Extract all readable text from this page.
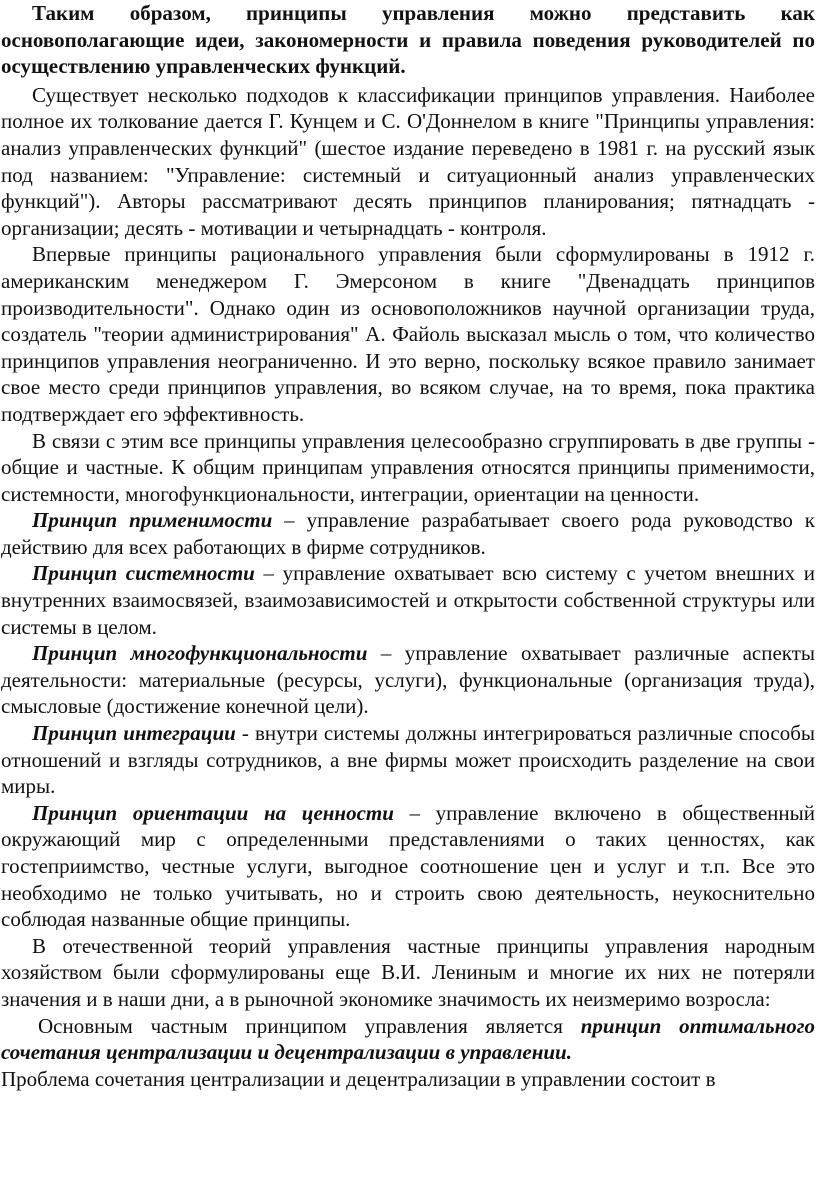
Таким образом, принципы управления можно представить как основополагающие идеи, закономерности и правила поведения руководителей по осуществлению управленческих функций.

Существует несколько подходов к классификации принципов управления. Наиболее полное их толкование дается Г. Кунцем и С. О'Доннелом в книге "Принципы управления: анализ управленческих функций" (шестое издание переведено в 1981 г. на русский язык под названием: "Управление: системный и ситуационный анализ управленческих функций"). Авторы рассматривают десять принципов планирования; пятнадцать - организации; десять - мотивации и четырнадцать - контроля.

Впервые принципы рационального управления были сформулированы в 1912 г. американским менеджером Г. Эмерсоном в книге "Двенадцать принципов производительности". Однако один из основоположников научной организации труда, создатель "теории администрирования" А. Файоль высказал мысль о том, что количество принципов управления неограниченно. И это верно, поскольку всякое правило занимает свое место среди принципов управления, во всяком случае, на то время, пока практика подтверждает его эффективность.

В связи с этим все принципы управления целесообразно сгруппировать в две группы - общие и частные. К общим принципам управления относятся принципы применимости, системности, многофункциональности, интеграции, ориентации на ценности.

Принцип применимости – управление разрабатывает своего рода руководство к действию для всех работающих в фирме сотрудников.

Принцип системности – управление охватывает всю систему с учетом внешних и внутренних взаимосвязей, взаимозависимостей и открытости собственной структуры или системы в целом.

Принцип многофункциональности – управление охватывает различные аспекты деятельности: материальные (ресурсы, услуги), функциональные (организация труда), смысловые (достижение конечной цели).

Принцип интеграции - внутри системы должны интегрироваться различные способы отношений и взгляды сотрудников, а вне фирмы может происходить разделение на свои миры.

Принцип ориентации на ценности – управление включено в общественный окружающий мир с определенными представлениями о таких ценностях, как гостеприимство, честные услуги, выгодное соотношение цен и услуг и т.п. Все это необходимо не только учитывать, но и строить свою деятельность, неукоснительно соблюдая названные общие принципы.

В отечественной теорий управления частные принципы управления народным хозяйством были сформулированы еще В.И. Лениным и многие их них не потеряли значения и в наши дни, а в рыночной экономике значимость их неизмеримо возросла:

Основным частным принципом управления является принцип оптимального сочетания централизации и децентрализации в управлении.

Проблема сочетания централизации и децентрализации в управлении состоит в
